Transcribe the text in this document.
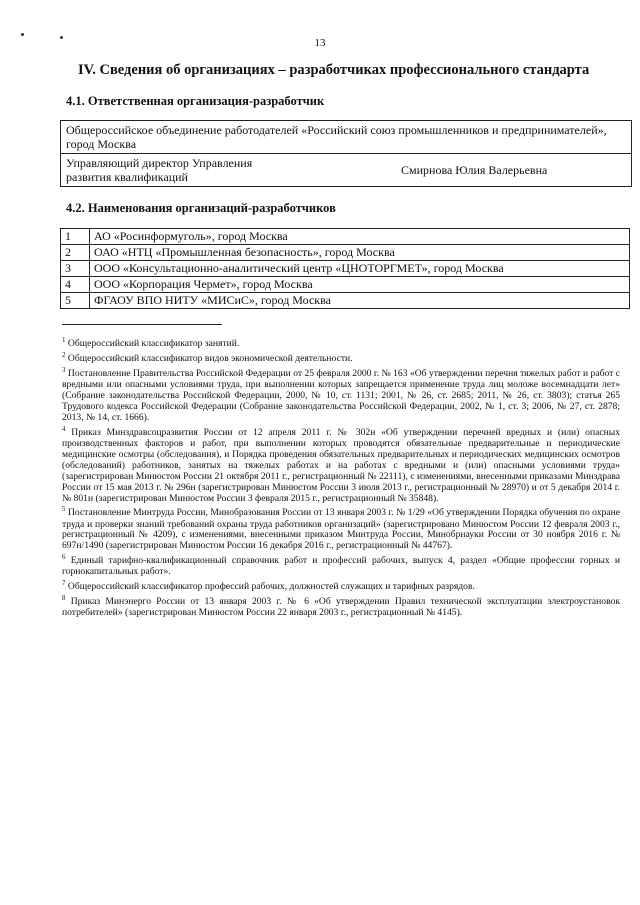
13
IV. Сведения об организациях – разработчиках профессионального стандарта
4.1. Ответственная организация-разработчик
Общероссийское объединение работодателей «Российский союз промышленников и предпринимателей», город Москва
Управляющий директор Управления развития квалификаций	Смирнова Юлия Валерьевна
4.2. Наименования организаций-разработчиков
1	АО «Росинформуголь», город Москва
2	ОАО «НТЦ «Промышленная безопасность», город Москва
3	ООО «Консультационно-аналитический центр «ЦНОТОРГМЕТ», город Москва
4	ООО «Корпорация Чермет», город Москва
5	ФГАОУ ВПО НИТУ «МИСиС», город Москва

$^1$ Общероссийский классификатор занятий.

$^2$ Общероссийский классификатор видов экономической деятельности.

$^3$ Постановление Правительства Российской Федерации от 25 февраля 2000 г. № 163 «Об утверждении перечня тяжелых работ и работ с вредными или опасными условиями труда, при выполнении которых запрещается применение труда лиц моложе восемнадцати лет» (Собрание законодательства Российской Федерации, 2000, № 10, ст. 1131; 2001, № 26, ст. 2685; 2011, № 26, ст. 3803); статья 265 Трудового кодекса Российской Федерации (Собрание законодательства Российской Федерации, 2002, № 1, ст. 3; 2006, № 27, ст. 2878; 2013, № 14, ст. 1666).

$^4$ Приказ Минздравсоцразвития России от 12 апреля 2011 г. № 302н «Об утверждении перечней вредных и (или) опасных производственных факторов и работ, при выполнении которых проводятся обязательные предварительные и периодические медицинские осмотры (обследования), и Порядка проведения обязательных предварительных и периодических медицинских осмотров (обследований) работников, занятых на тяжелых работах и на работах с вредными и (или) опасными условиями труда» (зарегистрирован Минюстом России 21 октября 2011 г., регистрационный № 22111), с изменениями, внесенными приказами Минздрава России от 15 мая 2013 г. № 296н (зарегистрирован Минюстом России 3 июля 2013 г., регистрационный № 28970) и от 5 декабря 2014 г. № 801н (зарегистрирован Минюстом России 3 февраля 2015 г., регистрационный № 35848).

$^5$ Постановление Минтруда России, Минобразования России от 13 января 2003 г. № 1/29 «Об утверждении Порядка обучения по охране труда и проверки знаний требований охраны труда работников организаций» (зарегистрировано Минюстом России 12 февраля 2003 г., регистрационный № 4209), с изменениями, внесенными приказом Минтруда России, Минобрнауки России от 30 ноября 2016 г. № 697н/1490 (зарегистрирован Минюстом России 16 декабря 2016 г., регистрационный № 44767).

$^6$ Единый тарифно-квалификационный справочник работ и профессий рабочих, выпуск 4, раздел «Общие профессии горных и горнокапитальных работ».

$^7$ Общероссийский классификатор профессий рабочих, должностей служащих и тарифных разрядов.

$^8$ Приказ Минэнерго России от 13 января 2003 г. № 6 «Об утверждении Правил технической эксплуатации электроустановок потребителей» (зарегистрирован Минюстом России 22 января 2003 г., регистрационный № 4145).
